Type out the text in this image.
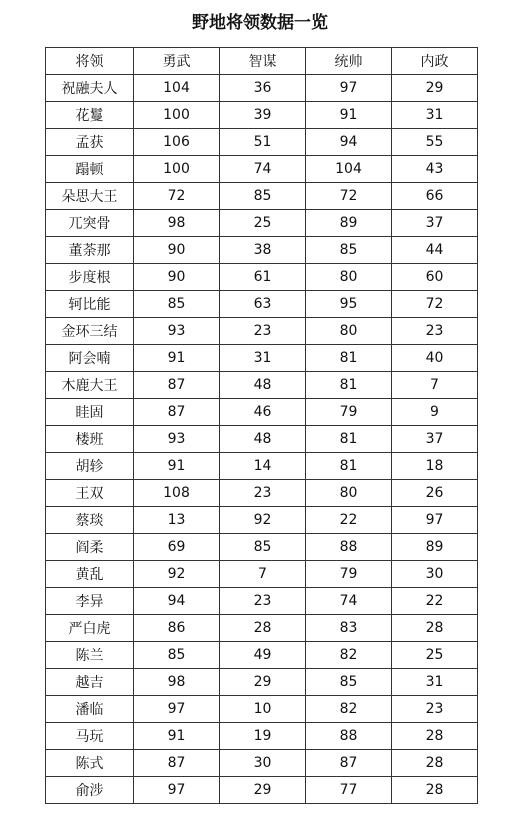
野地将领数据一览
将领	勇武	智谋	统帅	内政
祝融夫人	104	36	97	29
花鬘	100	39	91	31
孟获	106	51	94	55
蹋顿	100	74	104	43
朵思大王	72	85	72	66
兀突骨	98	25	89	37
董荼那	90	38	85	44
步度根	90	61	80	60
轲比能	85	63	95	72
金环三结	93	23	80	23
阿会喃	91	31	81	40
木鹿大王	87	48	81	7
眭固	87	46	79	9
楼班	93	48	81	37
胡轸	91	14	81	18
王双	108	23	80	26
蔡琰	13	92	22	97
阎柔	69	85	88	89
黄乱	92	7	79	30
李异	94	23	74	22
严白虎	86	28	83	28
陈兰	85	49	82	25
越吉	98	29	85	31
潘临	97	10	82	23
马玩	91	19	88	28
陈式	87	30	87	28
俞涉	97	29	77	28
